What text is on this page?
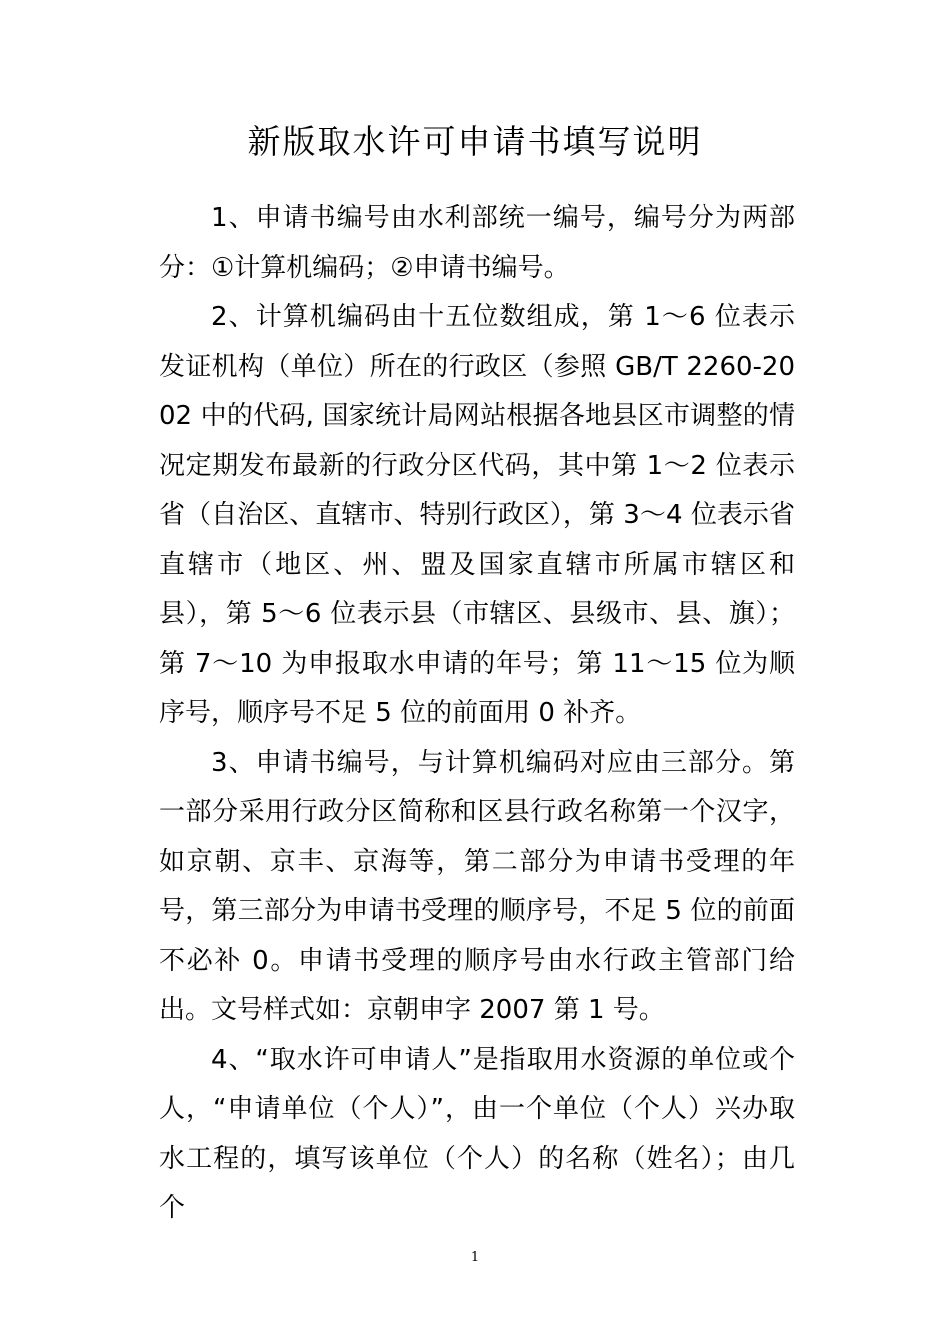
新版取水许可申请书填写说明

1、申请书编号由水利部统一编号，编号分为两部分：①计算机编码；②申请书编号。

2、计算机编码由十五位数组成，第 1～6 位表示发证机构（单位）所在的行政区（参照 GB/T 2260-2002 中的代码, 国家统计局网站根据各地县区市调整的情况定期发布最新的行政分区代码，其中第 1～2 位表示省（自治区、直辖市、特别行政区），第 3～4 位表示省直辖市（地区、州、盟及国家直辖市所属市辖区和县），第 5～6 位表示县（市辖区、县级市、县、旗）；第 7～10 为申报取水申请的年号；第 11～15 位为顺序号，顺序号不足 5 位的前面用 0 补齐。

3、申请书编号，与计算机编码对应由三部分。第一部分采用行政分区简称和区县行政名称第一个汉字，如京朝、京丰、京海等，第二部分为申请书受理的年号，第三部分为申请书受理的顺序号，不足 5 位的前面不必补 0。申请书受理的顺序号由水行政主管部门给出。文号样式如：京朝申字 2007 第 1 号。

4、“取水许可申请人”是指取用水资源的单位或个人，“申请单位（个人）”，由一个单位（个人）兴办取水工程的，填写该单位（个人）的名称（姓名）；由几个

1
